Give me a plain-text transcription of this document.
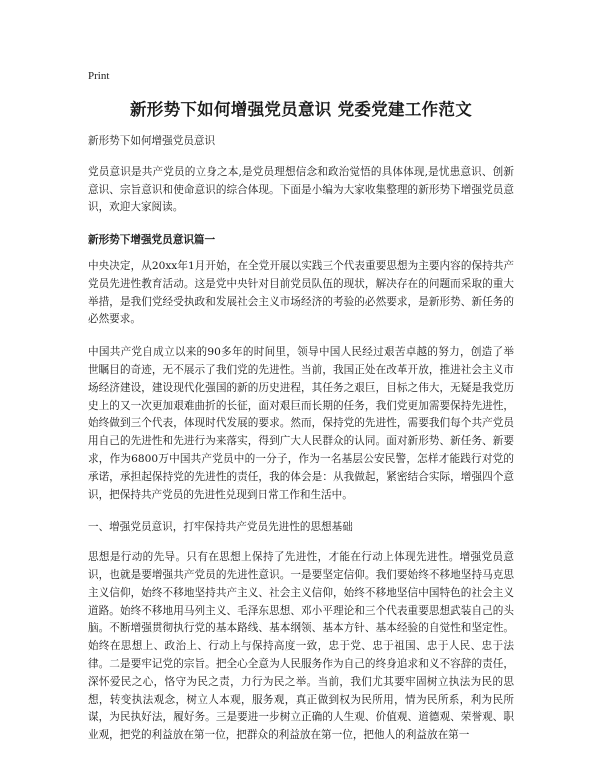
Print
新形势下如何增强党员意识 党委党建工作范文

新形势下如何增强党员意识

党员意识是共产党员的立身之本,是党员理想信念和政治觉悟的具体体现,是忧患意识、创新意识、宗旨意识和使命意识的综合体现。下面是小编为大家收集整理的新形势下增强党员意识，欢迎大家阅读。

新形势下增强党员意识篇一

中央决定，从20xx年1月开始，在全党开展以实践三个代表重要思想为主要内容的保持共产党员先进性教育活动。这是党中央针对目前党员队伍的现状，解决存在的问题而采取的重大举措，是我们党经受执政和发展社会主义市场经济的考验的必然要求，是新形势、新任务的必然要求。

中国共产党自成立以来的90多年的时间里，领导中国人民经过艰苦卓越的努力，创造了举世瞩目的奇迹，无不展示了我们党的先进性。当前，我国正处在改革开放，推进社会主义市场经济建设，建设现代化强国的新的历史进程，其任务之艰巨，目标之伟大，无疑是我党历史上的又一次更加艰难曲折的长征，面对艰巨而长期的任务，我们党更加需要保持先进性，始终做到三个代表，体现时代发展的要求。然而，保持党的先进性，需要我们每个共产党员用自己的先进性和先进行为来落实，得到广大人民群众的认同。面对新形势、新任务、新要求，作为6800万中国共产党员中的一分子，作为一名基层公安民警，怎样才能践行对党的承诺，承担起保持党的先进性的责任，我的体会是：从我做起，紧密结合实际，增强四个意识，把保持共产党员的先进性兑现到日常工作和生活中。

一、增强党员意识，打牢保持共产党员先进性的思想基础

思想是行动的先导。只有在思想上保持了先进性，才能在行动上体现先进性。增强党员意识，也就是要增强共产党员的先进性意识。一是要坚定信仰。我们要始终不移地坚持马克思主义信仰，始终不移地坚持共产主义、社会主义信仰，始终不移地坚信中国特色的社会主义道路。始终不移地用马列主义、毛泽东思想、邓小平理论和三个代表重要思想武装自己的头脑。不断增强贯彻执行党的基本路线、基本纲领、基本方针、基本经验的自觉性和坚定性。始终在思想上、政治上、行动上与保持高度一致，忠于党、忠于祖国、忠于人民、忠于法律。二是要牢记党的宗旨。把全心全意为人民服务作为自己的终身追求和义不容辞的责任，深怀爱民之心，恪守为民之责，力行为民之举。当前，我们尤其要牢固树立执法为民的思想，转变执法观念，树立人本观，服务观，真正做到权为民所用，情为民所系，利为民所谋，为民执好法，履好务。三是要进一步树立正确的人生观、价值观、道德观、荣誉观、职业观，把党的利益放在第一位，把群众的利益放在第一位，把他人的利益放在第一
